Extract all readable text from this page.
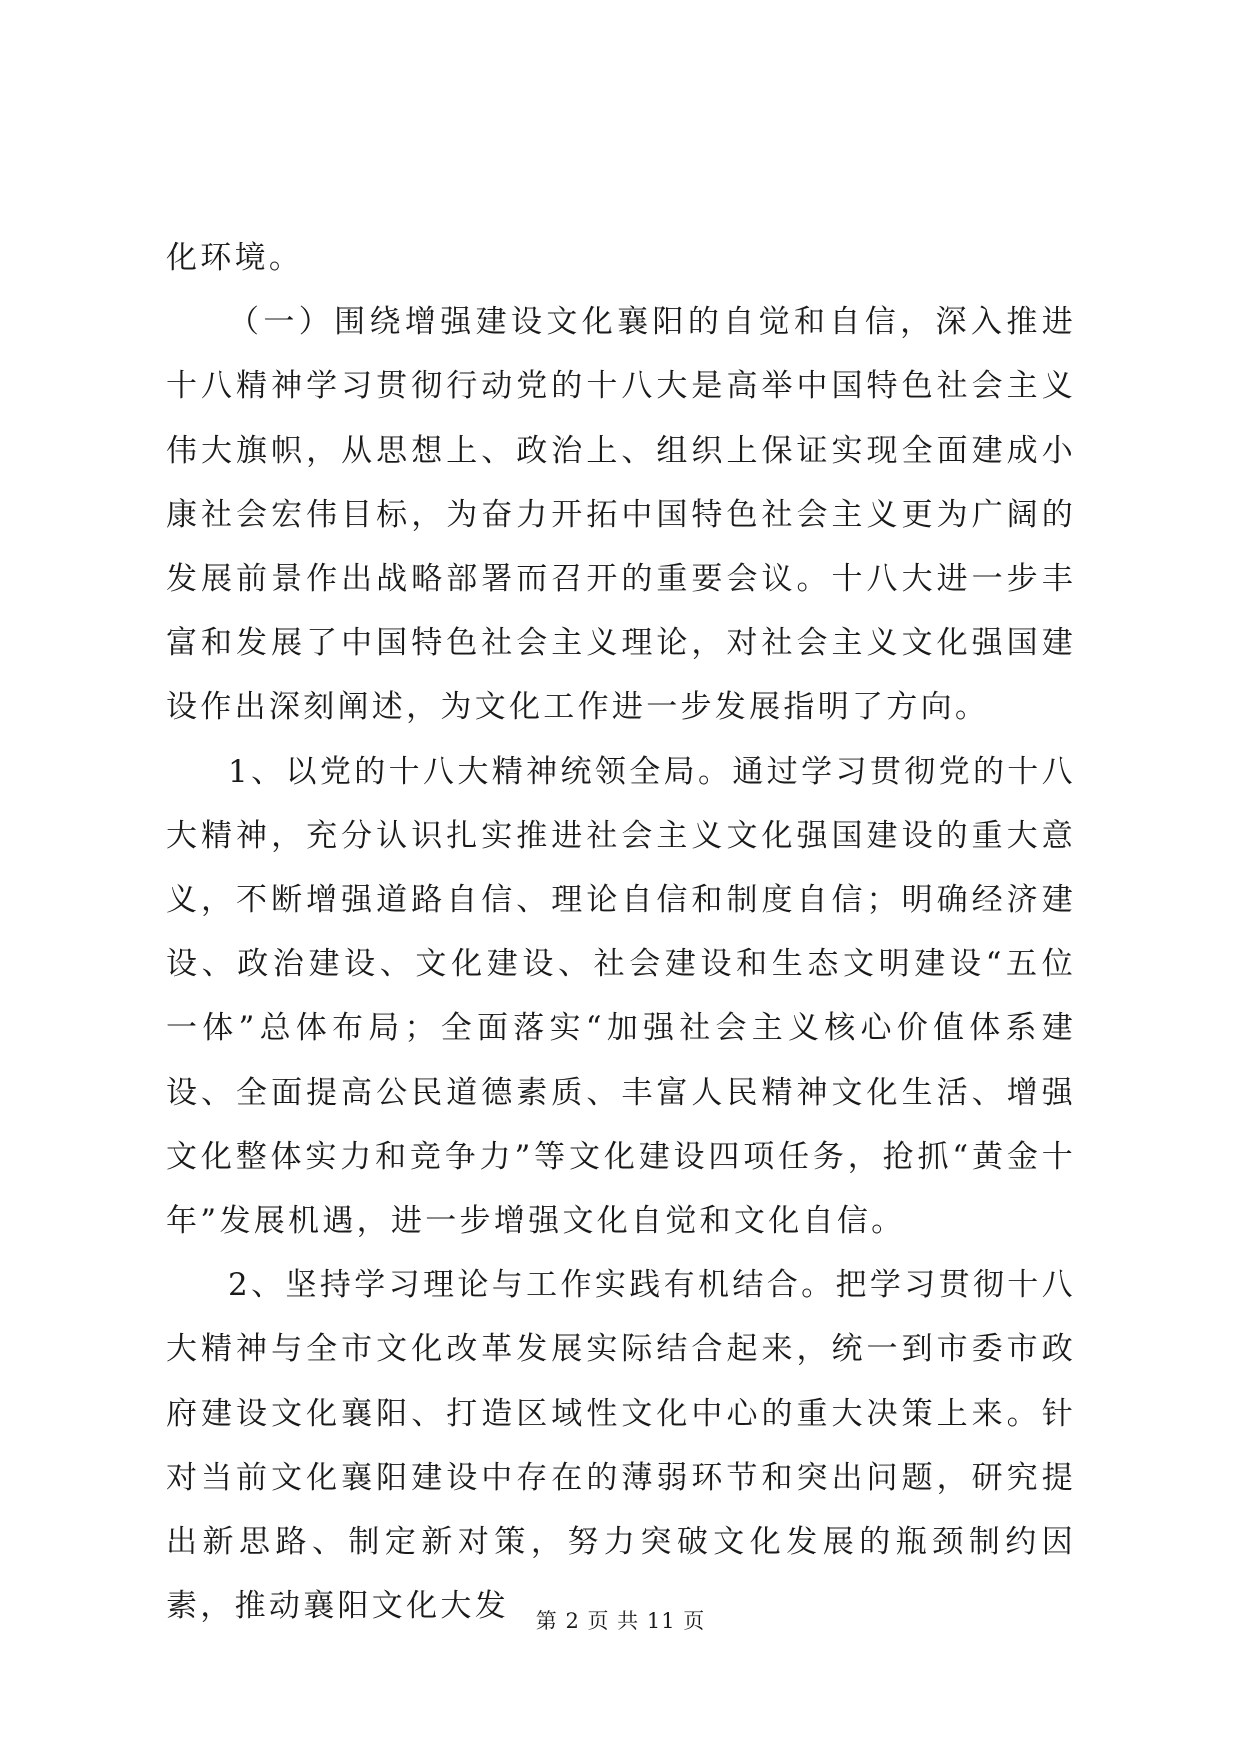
化环境。

（一）围绕增强建设文化襄阳的自觉和自信，深入推进十八精神学习贯彻行动党的十八大是高举中国特色社会主义伟大旗帜，从思想上、政治上、组织上保证实现全面建成小康社会宏伟目标，为奋力开拓中国特色社会主义更为广阔的发展前景作出战略部署而召开的重要会议。十八大进一步丰富和发展了中国特色社会主义理论，对社会主义文化强国建设作出深刻阐述，为文化工作进一步发展指明了方向。

1、以党的十八大精神统领全局。通过学习贯彻党的十八大精神，充分认识扎实推进社会主义文化强国建设的重大意义，不断增强道路自信、理论自信和制度自信；明确经济建设、政治建设、文化建设、社会建设和生态文明建设“五位一体”总体布局；全面落实“加强社会主义核心价值体系建设、全面提高公民道德素质、丰富人民精神文化生活、增强文化整体实力和竞争力”等文化建设四项任务，抢抓“黄金十年”发展机遇，进一步增强文化自觉和文化自信。

2、坚持学习理论与工作实践有机结合。把学习贯彻十八大精神与全市文化改革发展实际结合起来，统一到市委市政府建设文化襄阳、打造区域性文化中心的重大决策上来。针对当前文化襄阳建设中存在的薄弱环节和突出问题，研究提出新思路、制定新对策，努力突破文化发展的瓶颈制约因素，推动襄阳文化大发	第 2 页 共 11 页
